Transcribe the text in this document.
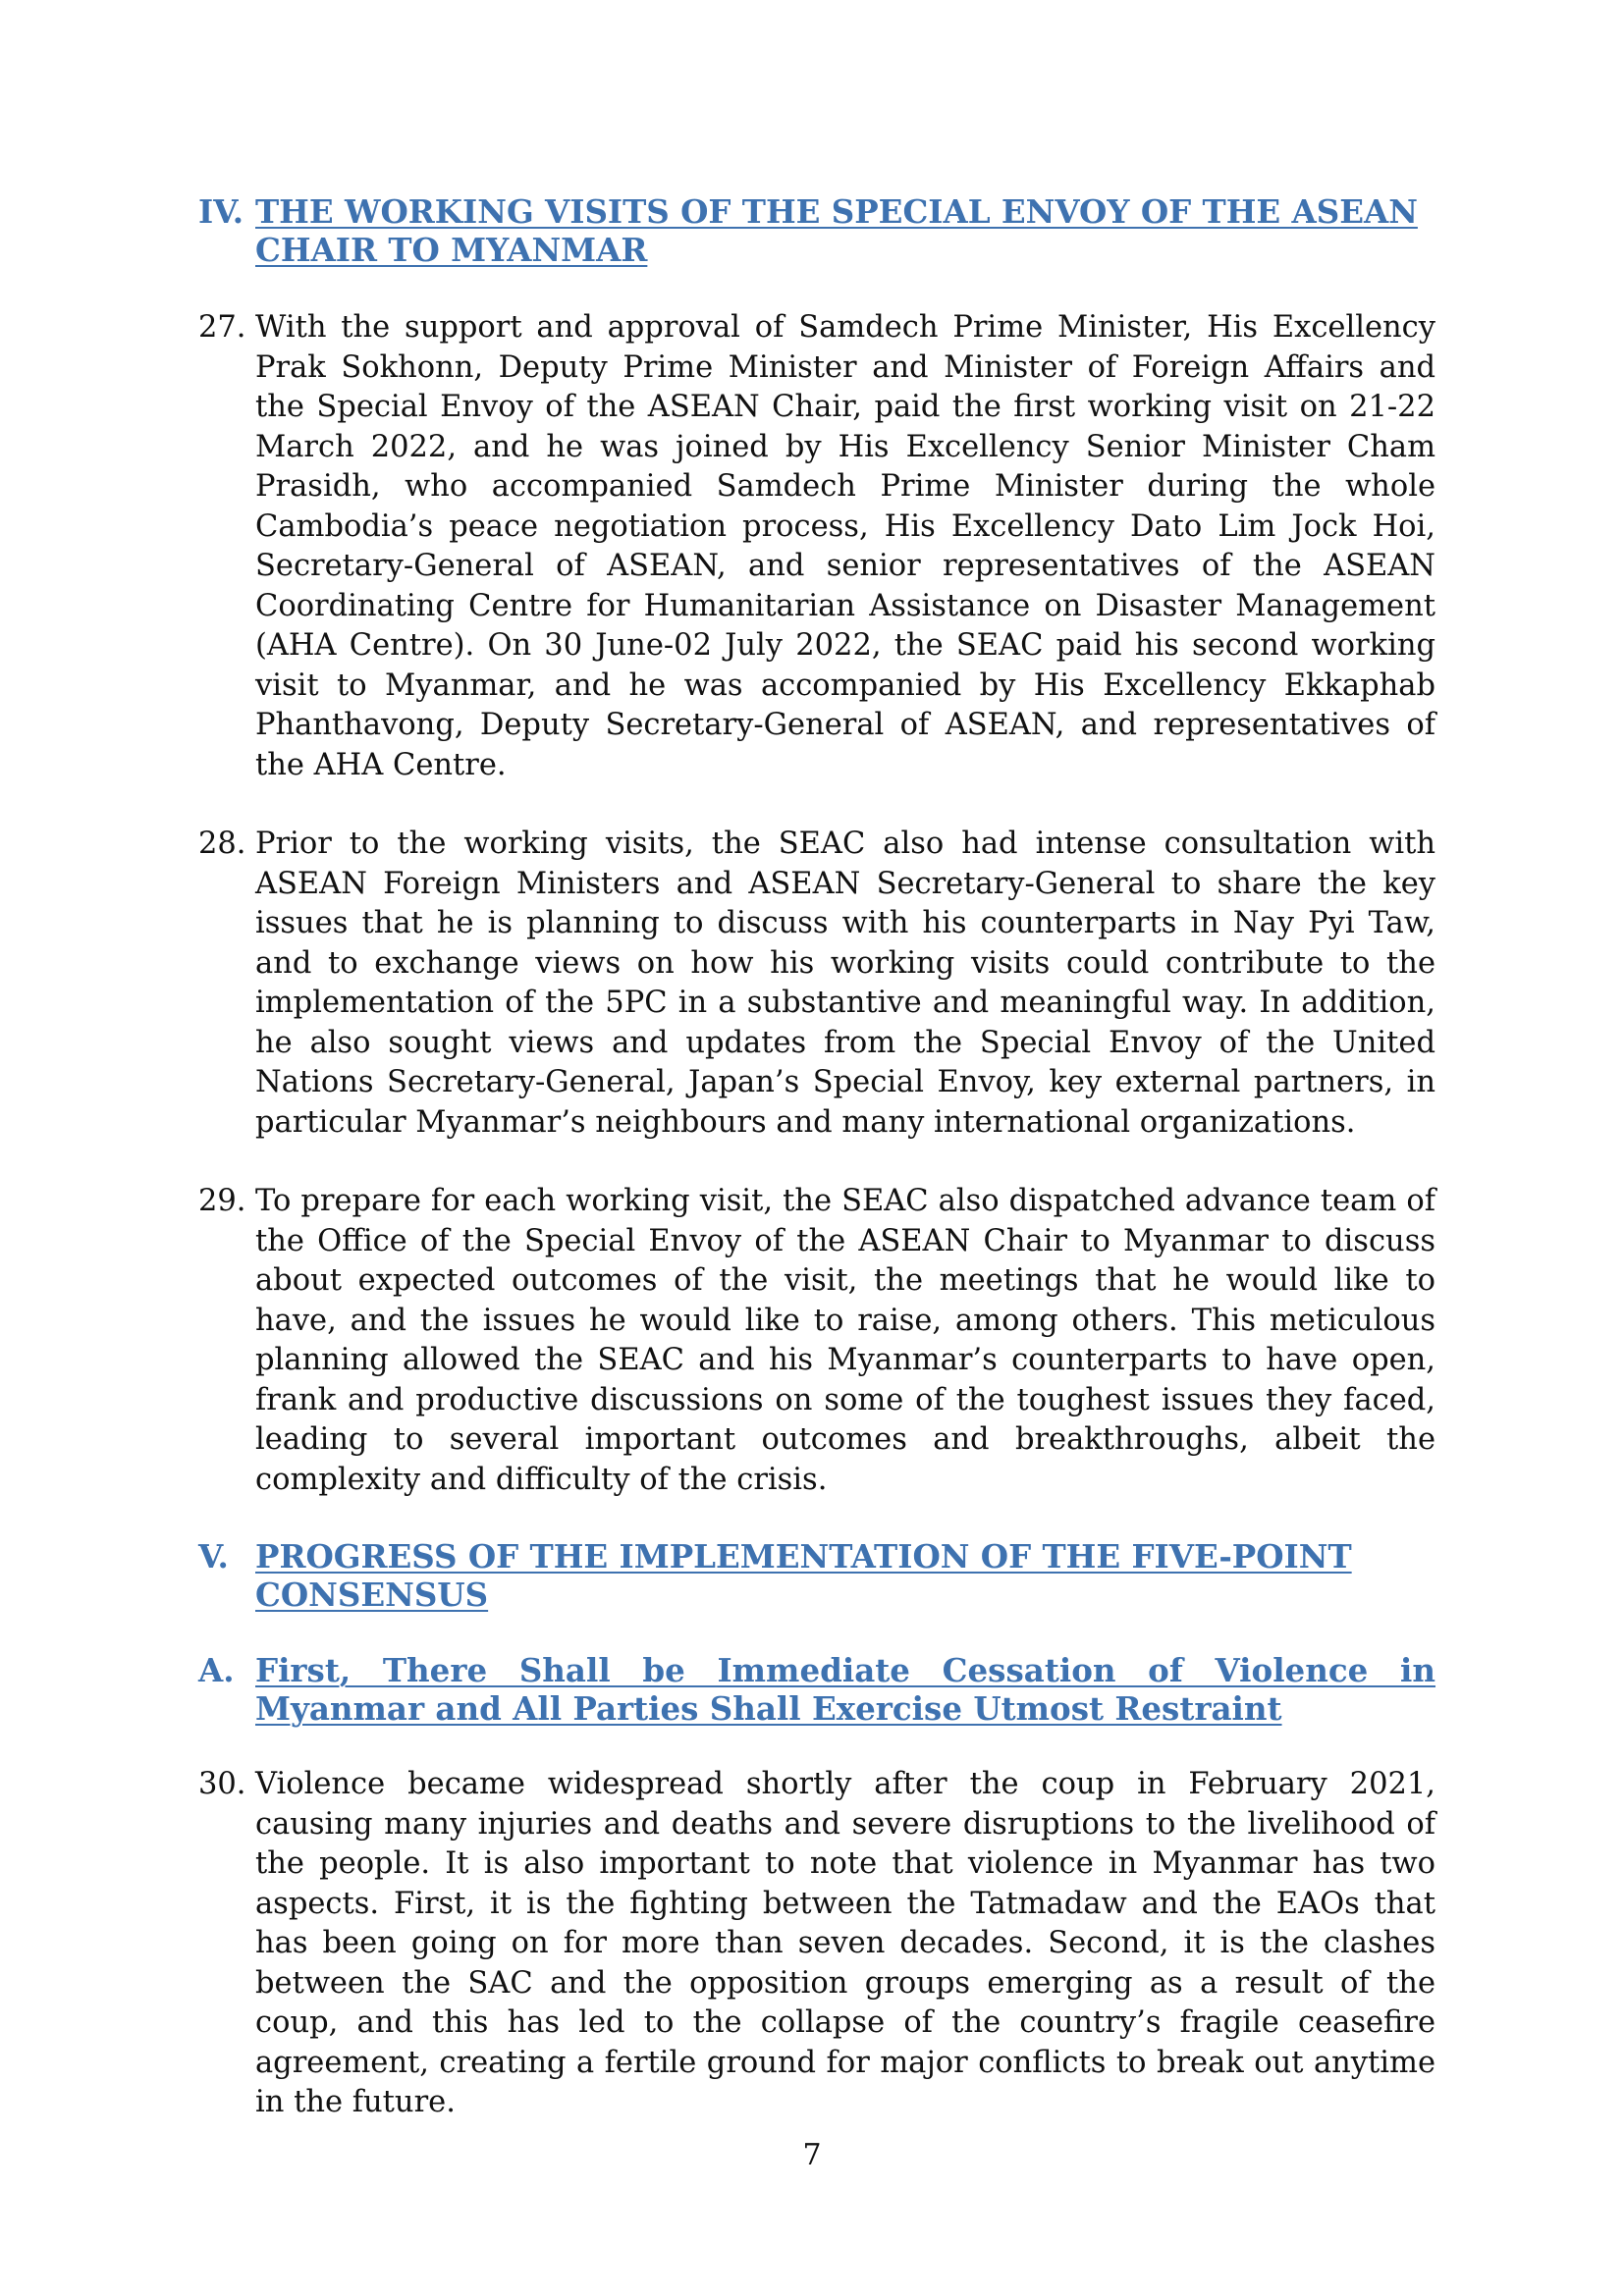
IV. THE WORKING VISITS OF THE SPECIAL ENVOY OF THE ASEAN CHAIR TO MYANMAR
27. With the support and approval of Samdech Prime Minister, His Excellency Prak Sokhonn, Deputy Prime Minister and Minister of Foreign Affairs and the Special Envoy of the ASEAN Chair, paid the first working visit on 21-22 March 2022, and he was joined by His Excellency Senior Minister Cham Prasidh, who accompanied Samdech Prime Minister during the whole Cambodia’s peace negotiation process, His Excellency Dato Lim Jock Hoi, Secretary-General of ASEAN, and senior representatives of the ASEAN Coordinating Centre for Humanitarian Assistance on Disaster Management (AHA Centre). On 30 June-02 July 2022, the SEAC paid his second working visit to Myanmar, and he was accompanied by His Excellency Ekkaphab Phanthavong, Deputy Secretary-General of ASEAN, and representatives of the AHA Centre.
28. Prior to the working visits, the SEAC also had intense consultation with ASEAN Foreign Ministers and ASEAN Secretary-General to share the key issues that he is planning to discuss with his counterparts in Nay Pyi Taw, and to exchange views on how his working visits could contribute to the implementation of the 5PC in a substantive and meaningful way. In addition, he also sought views and updates from the Special Envoy of the United Nations Secretary-General, Japan’s Special Envoy, key external partners, in particular Myanmar’s neighbours and many international organizations.
29. To prepare for each working visit, the SEAC also dispatched advance team of the Office of the Special Envoy of the ASEAN Chair to Myanmar to discuss about expected outcomes of the visit, the meetings that he would like to have, and the issues he would like to raise, among others. This meticulous planning allowed the SEAC and his Myanmar’s counterparts to have open, frank and productive discussions on some of the toughest issues they faced, leading to several important outcomes and breakthroughs, albeit the complexity and difficulty of the crisis.
V. PROGRESS OF THE IMPLEMENTATION OF THE FIVE-POINT CONSENSUS
A. First, There Shall be Immediate Cessation of Violence in Myanmar and All Parties Shall Exercise Utmost Restraint
30. Violence became widespread shortly after the coup in February 2021, causing many injuries and deaths and severe disruptions to the livelihood of the people. It is also important to note that violence in Myanmar has two aspects. First, it is the fighting between the Tatmadaw and the EAOs that has been going on for more than seven decades. Second, it is the clashes between the SAC and the opposition groups emerging as a result of the coup, and this has led to the collapse of the country’s fragile ceasefire agreement, creating a fertile ground for major conflicts to break out anytime in the future.
7
